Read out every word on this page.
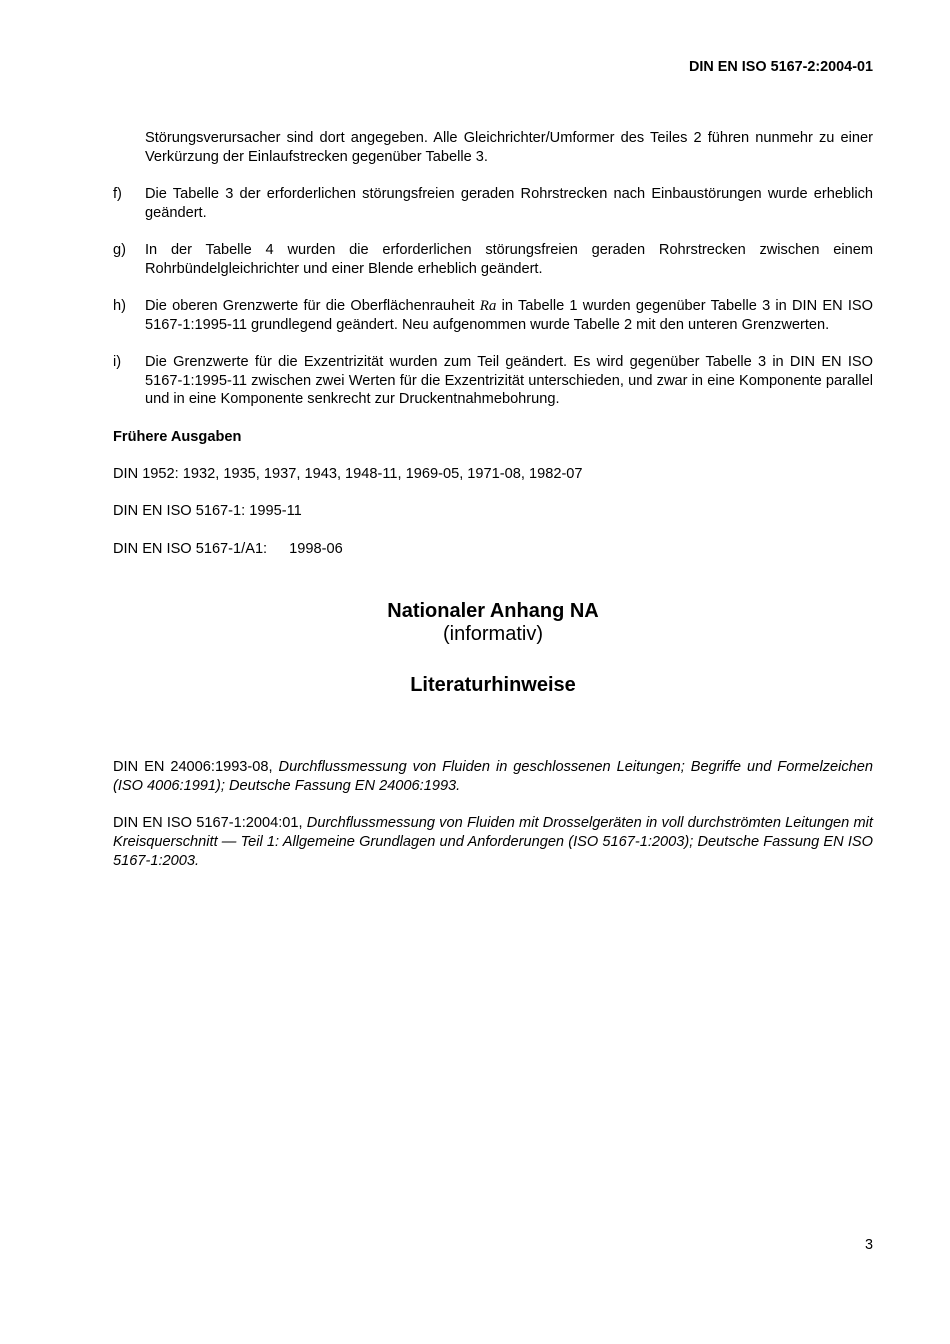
DIN EN ISO 5167-2:2004-01

Störungsverursacher sind dort angegeben. Alle Gleichrichter/Umformer des Teiles 2 führen nunmehr zu einer Verkürzung der Einlaufstrecken gegenüber Tabelle 3.

f) Die Tabelle 3 der erforderlichen störungsfreien geraden Rohrstrecken nach Einbaustörungen wurde erheblich geändert.
g) In der Tabelle 4 wurden die erforderlichen störungsfreien geraden Rohrstrecken zwischen einem Rohrbündelgleichrichter und einer Blende erheblich geändert.
h) Die oberen Grenzwerte für die Oberflächenrauheit Ra in Tabelle 1 wurden gegenüber Tabelle 3 in DIN EN ISO 5167-1:1995-11 grundlegend geändert. Neu aufgenommen wurde Tabelle 2 mit den unteren Grenzwerten.
i) Die Grenzwerte für die Exzentrizität wurden zum Teil geändert. Es wird gegenüber Tabelle 3 in DIN EN ISO 5167-1:1995-11 zwischen zwei Werten für die Exzentrizität unterschieden, und zwar in eine Komponente parallel und in eine Komponente senkrecht zur Druckentnahmebohrung.
Frühere Ausgaben
DIN 1952: 1932, 1935, 1937, 1943, 1948-11, 1969-05, 1971-08, 1982-07
DIN EN ISO 5167-1: 1995-11
DIN EN ISO 5167-1/A1: 1998-06
Nationaler Anhang NA
(informativ)
Literaturhinweise
DIN EN 24006:1993-08, Durchflussmessung von Fluiden in geschlossenen Leitungen; Begriffe und Formelzeichen (ISO 4006:1991); Deutsche Fassung EN 24006:1993.
DIN EN ISO 5167-1:2004:01, Durchflussmessung von Fluiden mit Drosselgeräten in voll durchströmten Leitungen mit Kreisquerschnitt — Teil 1: Allgemeine Grundlagen und Anforderungen (ISO 5167-1:2003); Deutsche Fassung EN ISO 5167-1:2003.
3
